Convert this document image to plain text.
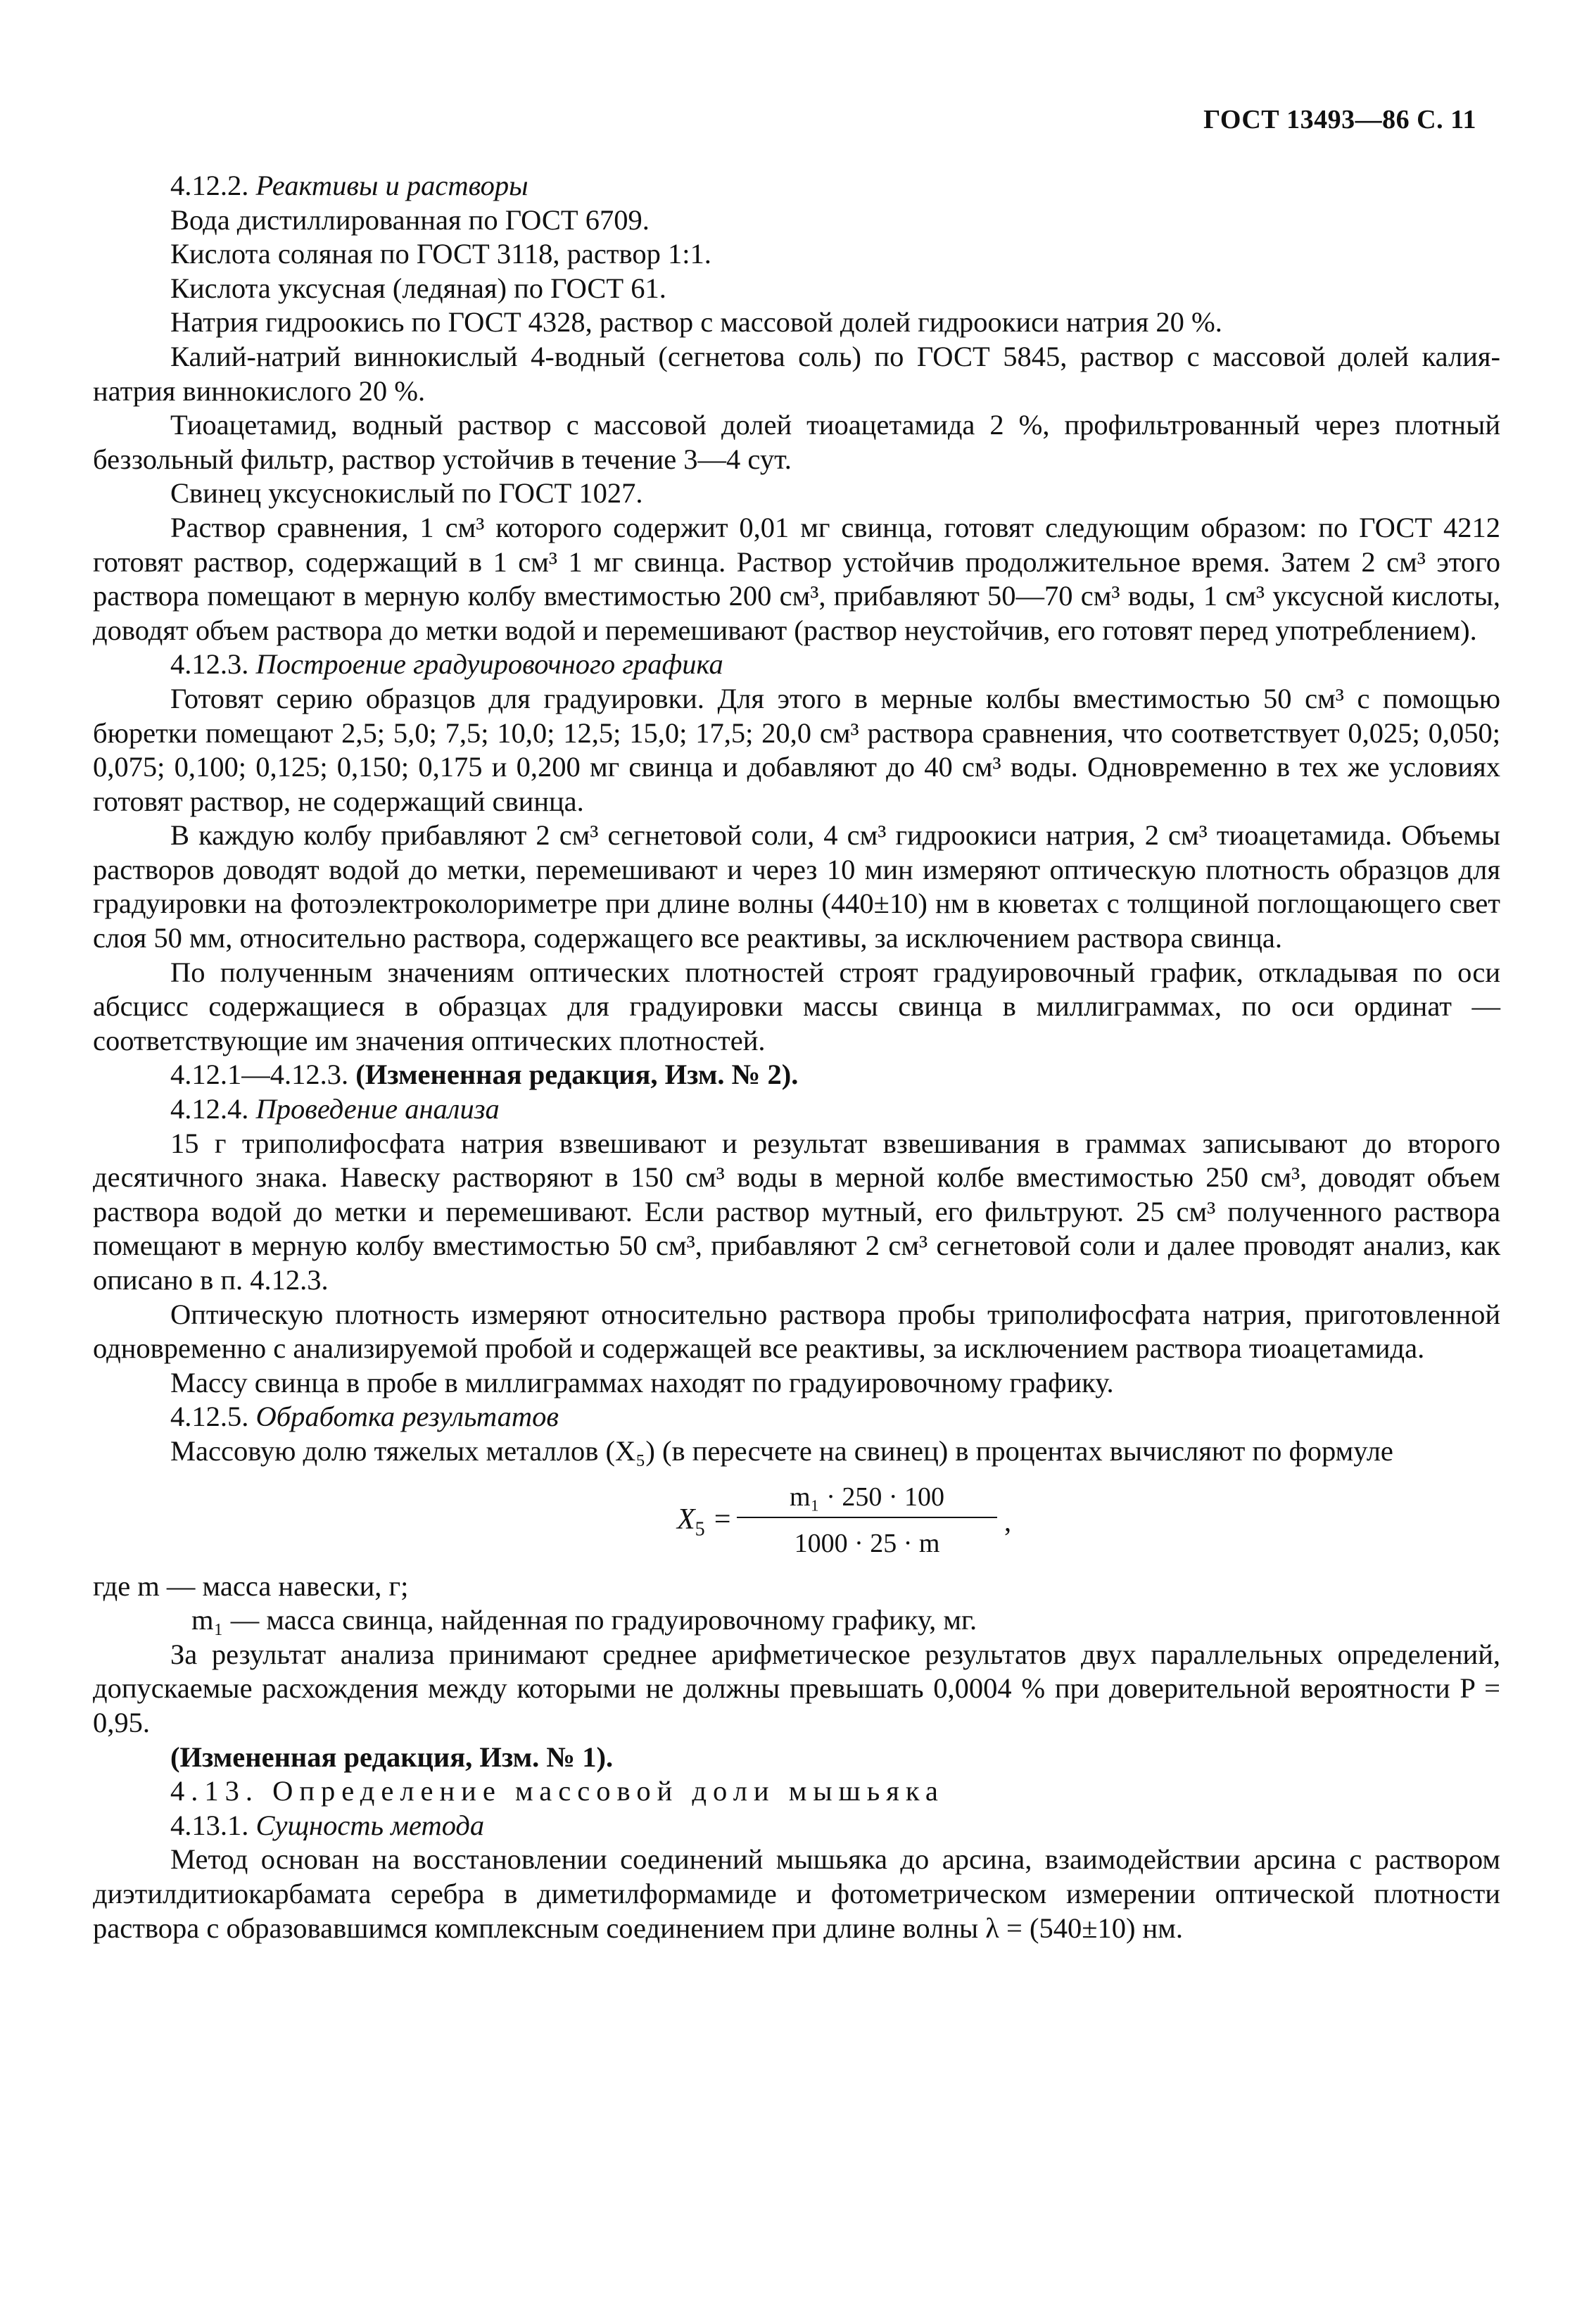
ГОСТ 13493—86 С. 11

4.12.2. Реактивы и растворы

Вода дистиллированная по ГОСТ 6709.

Кислота соляная по ГОСТ 3118, раствор 1:1.

Кислота уксусная (ледяная) по ГОСТ 61.

Натрия гидроокись по ГОСТ 4328, раствор с массовой долей гидроокиси натрия 20 %.

Калий-натрий виннокислый 4-водный (сегнетова соль) по ГОСТ 5845, раствор с массовой долей калия-натрия виннокислого 20 %.

Тиоацетамид, водный раствор с массовой долей тиоацетамида 2 %, профильтрованный через плотный беззольный фильтр, раствор устойчив в течение 3—4 сут.

Свинец уксуснокислый по ГОСТ 1027.

Раствор сравнения, 1 см³ которого содержит 0,01 мг свинца, готовят следующим образом: по ГОСТ 4212 готовят раствор, содержащий в 1 см³ 1 мг свинца. Раствор устойчив продолжительное время. Затем 2 см³ этого раствора помещают в мерную колбу вместимостью 200 см³, прибавляют 50—70 см³ воды, 1 см³ уксусной кислоты, доводят объем раствора до метки водой и перемешивают (раствор неустойчив, его готовят перед употреблением).

4.12.3. Построение градуировочного графика

Готовят серию образцов для градуировки. Для этого в мерные колбы вместимостью 50 см³ с помощью бюретки помещают 2,5; 5,0; 7,5; 10,0; 12,5; 15,0; 17,5; 20,0 см³ раствора сравнения, что соответствует 0,025; 0,050; 0,075; 0,100; 0,125; 0,150; 0,175 и 0,200 мг свинца и добавляют до 40 см³ воды. Одновременно в тех же условиях готовят раствор, не содержащий свинца.

В каждую колбу прибавляют 2 см³ сегнетовой соли, 4 см³ гидроокиси натрия, 2 см³ тиоацетамида. Объемы растворов доводят водой до метки, перемешивают и через 10 мин измеряют оптическую плотность образцов для градуировки на фотоэлектроколориметре при длине волны (440±10) нм в кюветах с толщиной поглощающего свет слоя 50 мм, относительно раствора, содержащего все реактивы, за исключением раствора свинца.

По полученным значениям оптических плотностей строят градуировочный график, откладывая по оси абсцисс содержащиеся в образцах для градуировки массы свинца в миллиграммах, по оси ординат — соответствующие им значения оптических плотностей.

4.12.1—4.12.3. (Измененная редакция, Изм. № 2).

4.12.4. Проведение анализа

15 г триполифосфата натрия взвешивают и результат взвешивания в граммах записывают до второго десятичного знака. Навеску растворяют в 150 см³ воды в мерной колбе вместимостью 250 см³, доводят объем раствора водой до метки и перемешивают. Если раствор мутный, его фильтруют. 25 см³ полученного раствора помещают в мерную колбу вместимостью 50 см³, прибавляют 2 см³ сегнетовой соли и далее проводят анализ, как описано в п. 4.12.3.

Оптическую плотность измеряют относительно раствора пробы триполифосфата натрия, приготовленной одновременно с анализируемой пробой и содержащей все реактивы, за исключением раствора тиоацетамида.

Массу свинца в пробе в миллиграммах находят по градуировочному графику.

4.12.5. Обработка результатов

Массовую долю тяжелых металлов (X₅) (в пересчете на свинец) в процентах вычисляют по формуле

$X_5$ =
m₁ · 250 · 100
1000 · 25 · m
,

где m — масса навески, г;

m₁ — масса свинца, найденная по градуировочному графику, мг.

За результат анализа принимают среднее арифметическое результатов двух параллельных определений, допускаемые расхождения между которыми не должны превышать 0,0004 % при доверительной вероятности P = 0,95.

(Измененная редакция, Изм. № 1).

4.13. Определение массовой доли мышьяка

4.13.1. Сущность метода

Метод основан на восстановлении соединений мышьяка до арсина, взаимодействии арсина с раствором диэтилдитиокарбамата серебра в диметилформамиде и фотометрическом измерении оптической плотности раствора с образовавшимся комплексным соединением при длине волны λ = (540±10) нм.
